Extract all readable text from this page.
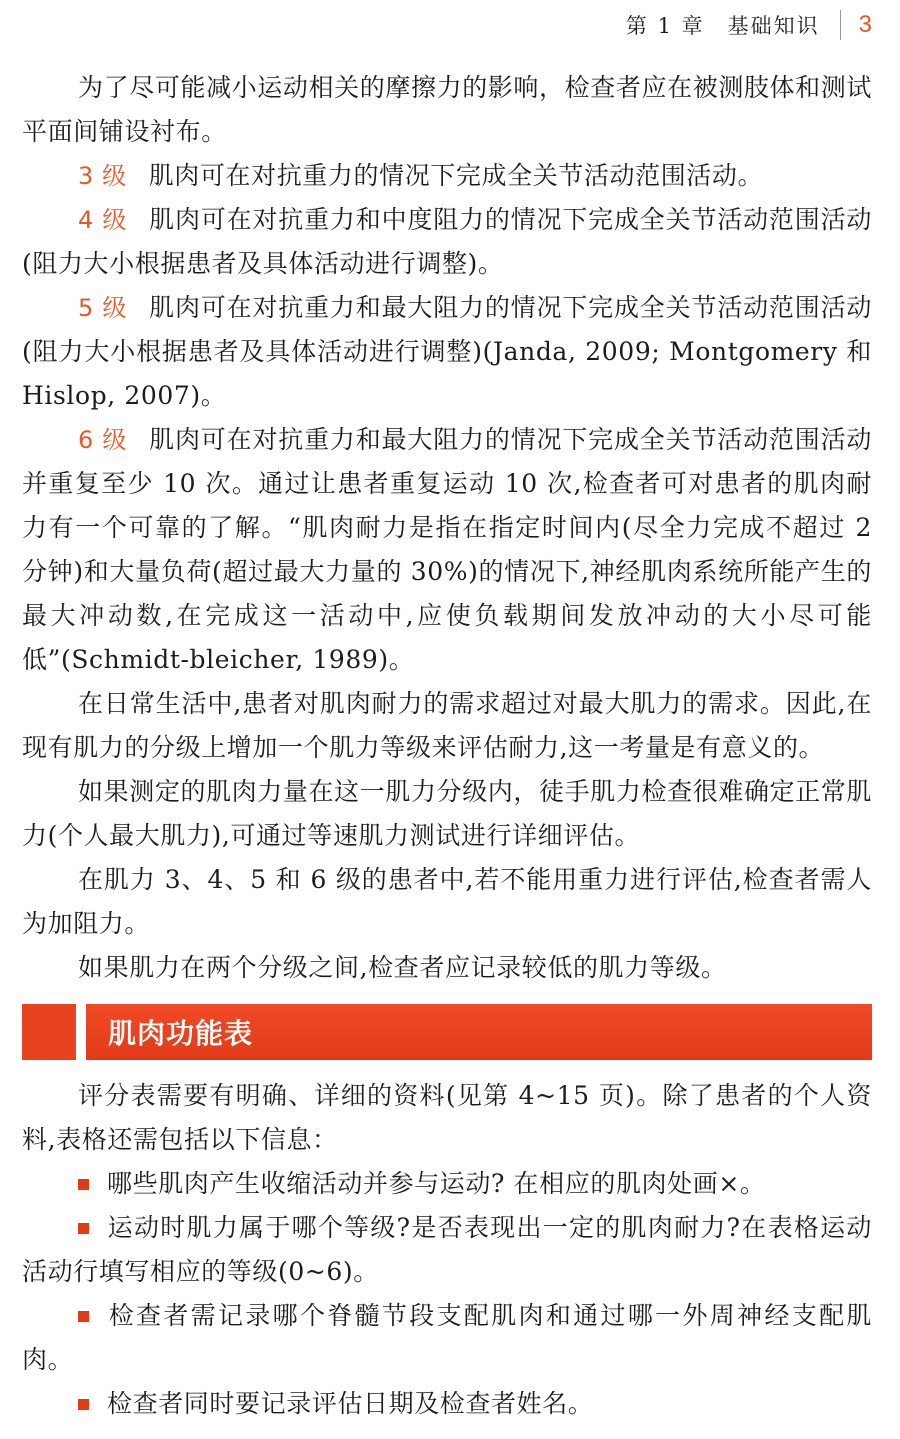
第 1 章　基础知识 3

为了尽可能减小运动相关的摩擦力的影响，检查者应在被测肢体和测试平面间铺设衬布。

3 级 肌肉可在对抗重力的情况下完成全关节活动范围活动。

4 级 肌肉可在对抗重力和中度阻力的情况下完成全关节活动范围活动(阻力大小根据患者及具体活动进行调整)。

5 级 肌肉可在对抗重力和最大阻力的情况下完成全关节活动范围活动 (阻力大小根据患者及具体活动进行调整)(Janda, 2009; Montgomery 和 Hislop, 2007)。

6 级 肌肉可在对抗重力和最大阻力的情况下完成全关节活动范围活动并重复至少 10 次。通过让患者重复运动 10 次,检查者可对患者的肌肉耐力有一个可靠的了解。“肌肉耐力是指在指定时间内(尽全力完成不超过 2 分钟)和大量负荷(超过最大力量的 30%)的情况下,神经肌肉系统所能产生的最大冲动数,在完成这一活动中,应使负载期间发放冲动的大小尽可能低”(Schmidt-bleicher, 1989)。

在日常生活中,患者对肌肉耐力的需求超过对最大肌力的需求。因此,在现有肌力的分级上增加一个肌力等级来评估耐力,这一考量是有意义的。

如果测定的肌肉力量在这一肌力分级内，徒手肌力检查很难确定正常肌力(个人最大肌力),可通过等速肌力测试进行详细评估。

在肌力 3、4、5 和 6 级的患者中,若不能用重力进行评估,检查者需人为加阻力。

如果肌力在两个分级之间,检查者应记录较低的肌力等级。

肌肉功能表

评分表需要有明确、详细的资料(见第 4~15 页)。除了患者的个人资料,表格还需包括以下信息：

哪些肌肉产生收缩活动并参与运动? 在相应的肌肉处画×。

运动时肌力属于哪个等级?是否表现出一定的肌肉耐力?在表格运动活动行填写相应的等级(0~6)。

检查者需记录哪个脊髓节段支配肌肉和通过哪一外周神经支配肌肉。

检查者同时要记录评估日期及检查者姓名。
